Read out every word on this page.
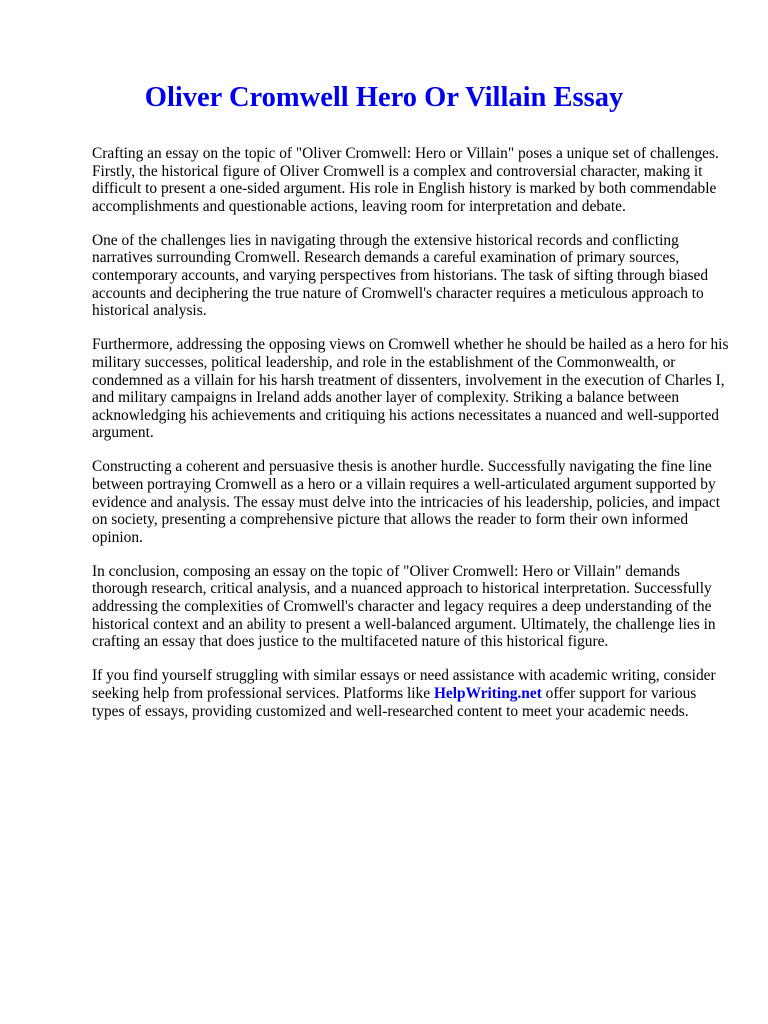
Oliver Cromwell Hero Or Villain Essay

Crafting an essay on the topic of "Oliver Cromwell: Hero or Villain" poses a unique set of challenges. Firstly, the historical figure of Oliver Cromwell is a complex and controversial character, making it difficult to present a one-sided argument. His role in English history is marked by both commendable accomplishments and questionable actions, leaving room for interpretation and debate.

One of the challenges lies in navigating through the extensive historical records and conflicting narratives surrounding Cromwell. Research demands a careful examination of primary sources, contemporary accounts, and varying perspectives from historians. The task of sifting through biased accounts and deciphering the true nature of Cromwell's character requires a meticulous approach to historical analysis.

Furthermore, addressing the opposing views on Cromwell whether he should be hailed as a hero for his military successes, political leadership, and role in the establishment of the Commonwealth, or condemned as a villain for his harsh treatment of dissenters, involvement in the execution of Charles I, and military campaigns in Ireland adds another layer of complexity. Striking a balance between acknowledging his achievements and critiquing his actions necessitates a nuanced and well-supported argument.

Constructing a coherent and persuasive thesis is another hurdle. Successfully navigating the fine line between portraying Cromwell as a hero or a villain requires a well-articulated argument supported by evidence and analysis. The essay must delve into the intricacies of his leadership, policies, and impact on society, presenting a comprehensive picture that allows the reader to form their own informed opinion.

In conclusion, composing an essay on the topic of "Oliver Cromwell: Hero or Villain" demands thorough research, critical analysis, and a nuanced approach to historical interpretation. Successfully addressing the complexities of Cromwell's character and legacy requires a deep understanding of the historical context and an ability to present a well-balanced argument. Ultimately, the challenge lies in crafting an essay that does justice to the multifaceted nature of this historical figure.

If you find yourself struggling with similar essays or need assistance with academic writing, consider seeking help from professional services. Platforms like HelpWriting.net offer support for various types of essays, providing customized and well-researched content to meet your academic needs.
